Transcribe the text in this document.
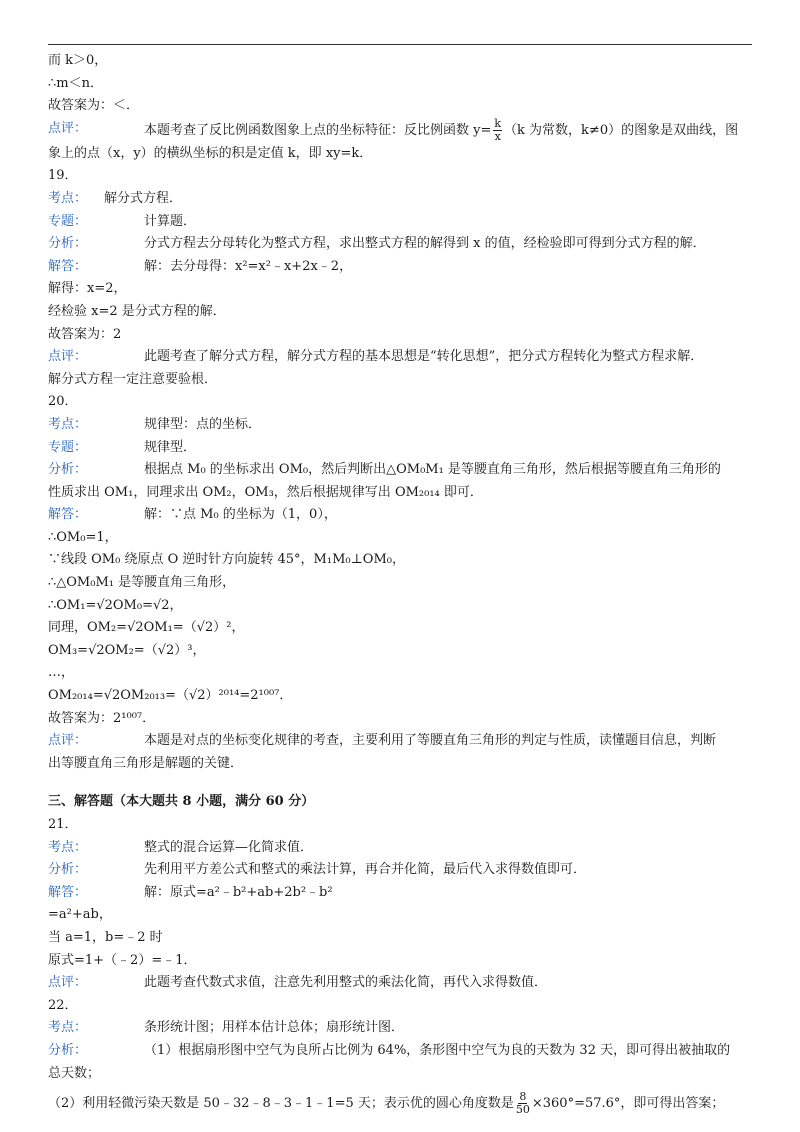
而 k＞0，
∴m＜n．
故答案为：＜．
点评：	本题考查了反比例函数图象上点的坐标特征：反比例函数 $y= \frac{k}{x} (k$ 为常数，k≠0）的图象是双曲线，图
象上的点（x，y）的横纵坐标的积是定值 k，即 xy=k．
19．
考点：	解分式方程．
专题：	计算题．
分析：	分式方程去分母转化为整式方程，求出整式方程的解得到 x 的值，经检验即可得到分式方程的解．
解答：	解：去分母得：x²=x²﹣x+2x﹣2，
解得：x=2，
经检验 x=2 是分式方程的解．
故答案为：2
点评：	此题考查了解分式方程，解分式方程的基本思想是“转化思想”，把分式方程转化为整式方程求解．
解分式方程一定注意要验根．
20．
考点：	规律型：点的坐标．
专题：	规律型．
分析：	根据点 M₀ 的坐标求出 OM₀，然后判断出△OM₀M₁ 是等腰直角三角形，然后根据等腰直角三角形的
性质求出 OM₁，同理求出 OM₂，OM₃，然后根据规律写出 OM₂₀₁₄ 即可．
解答：	解：∵点 M₀ 的坐标为（1，0），
∴OM₀=1，
∵线段 OM₀ 绕原点 O 逆时针方向旋转 45°，M₁M₀⊥OM₀，
∴△OM₀M₁ 是等腰直角三角形，
∴OM₁=√2OM₀=√2，
同理，OM₂=√2OM₁=（√2）²，
OM₃=√2OM₂=（√2）³，
…，
OM₂₀₁₄=√2OM₂₀₁₃=（√2）²⁰¹⁴=2¹⁰⁰⁷．
故答案为：2¹⁰⁰⁷．
点评：	本题是对点的坐标变化规律的考查，主要利用了等腰直角三角形的判定与性质，读懂题目信息，判断
出等腰直角三角形是解题的关键．
三、解答题（本大题共 8 小题，满分 60 分）
21．
考点：	整式的混合运算—化简求值．
分析：	先利用平方差公式和整式的乘法计算，再合并化简，最后代入求得数值即可．
解答：	解：原式=a²﹣b²+ab+2b²﹣b²
=a²+ab，
当 a=1，b=﹣2 时
原式=1+（﹣2）=﹣1．
点评：	此题考查代数式求值，注意先利用整式的乘法化简，再代入求得数值．
22．
考点：	条形统计图；用样本估计总体；扇形统计图．
分析：	（1）根据扇形图中空气为良所占比例为 64%，条形图中空气为良的天数为 32 天，即可得出被抽取的
总天数；
（2）利用轻微污染天数是 50﹣32﹣8﹣3﹣1﹣1=5 天；表示优的圆心角度数是 $\frac{8}{50} \times 360^\circ=57.6^\circ$，即可得出答案；
